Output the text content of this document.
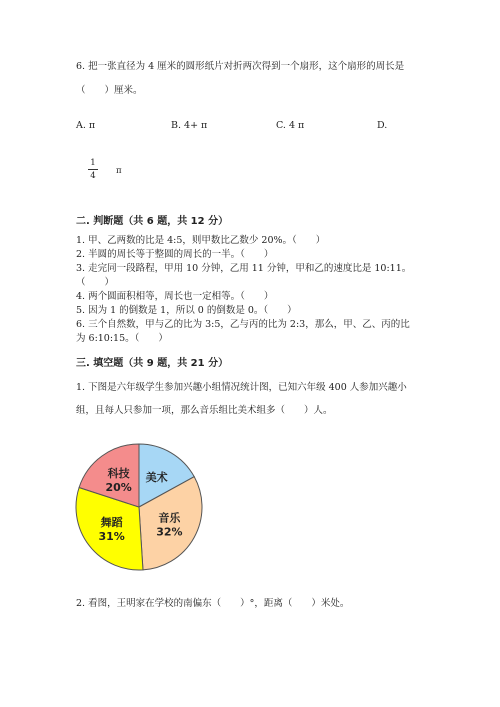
6. 把一张直径为 4 厘米的圆形纸片对折两次得到一个扇形，这个扇形的周长是
（　　）厘米。
A. π	B. 4+ π	C. 4 π	D.
1
4 π
二. 判断题（共 6 题，共 12 分）
1. 甲、乙两数的比是 4:5，则甲数比乙数少 20%。（　　）
2. 半圆的周长等于整圆的周长的一半。（　　）
3. 走完同一段路程，甲用 10 分钟，乙用 11 分钟，甲和乙的速度比是 10:11。
（　　）
4. 两个圆面积相等，周长也一定相等。（　　）
5. 因为 1 的倒数是 1，所以 0 的倒数是 0。（　　）
6. 三个自然数，甲与乙的比为 3:5，乙与丙的比为 2:3，那么，甲、乙、丙的比
为 6:10:15。（　　）
三. 填空题（共 9 题，共 21 分）
1. 下图是六年级学生参加兴趣小组情况统计图，已知六年级 400 人参加兴趣小
组，且每人只参加一项，那么音乐组比美术组多（　　）人。
美术
音乐
32%
舞蹈
31%
科技
20%
2. 看图，王明家在学校的南偏东（　　）°，距离（　　）米处。
